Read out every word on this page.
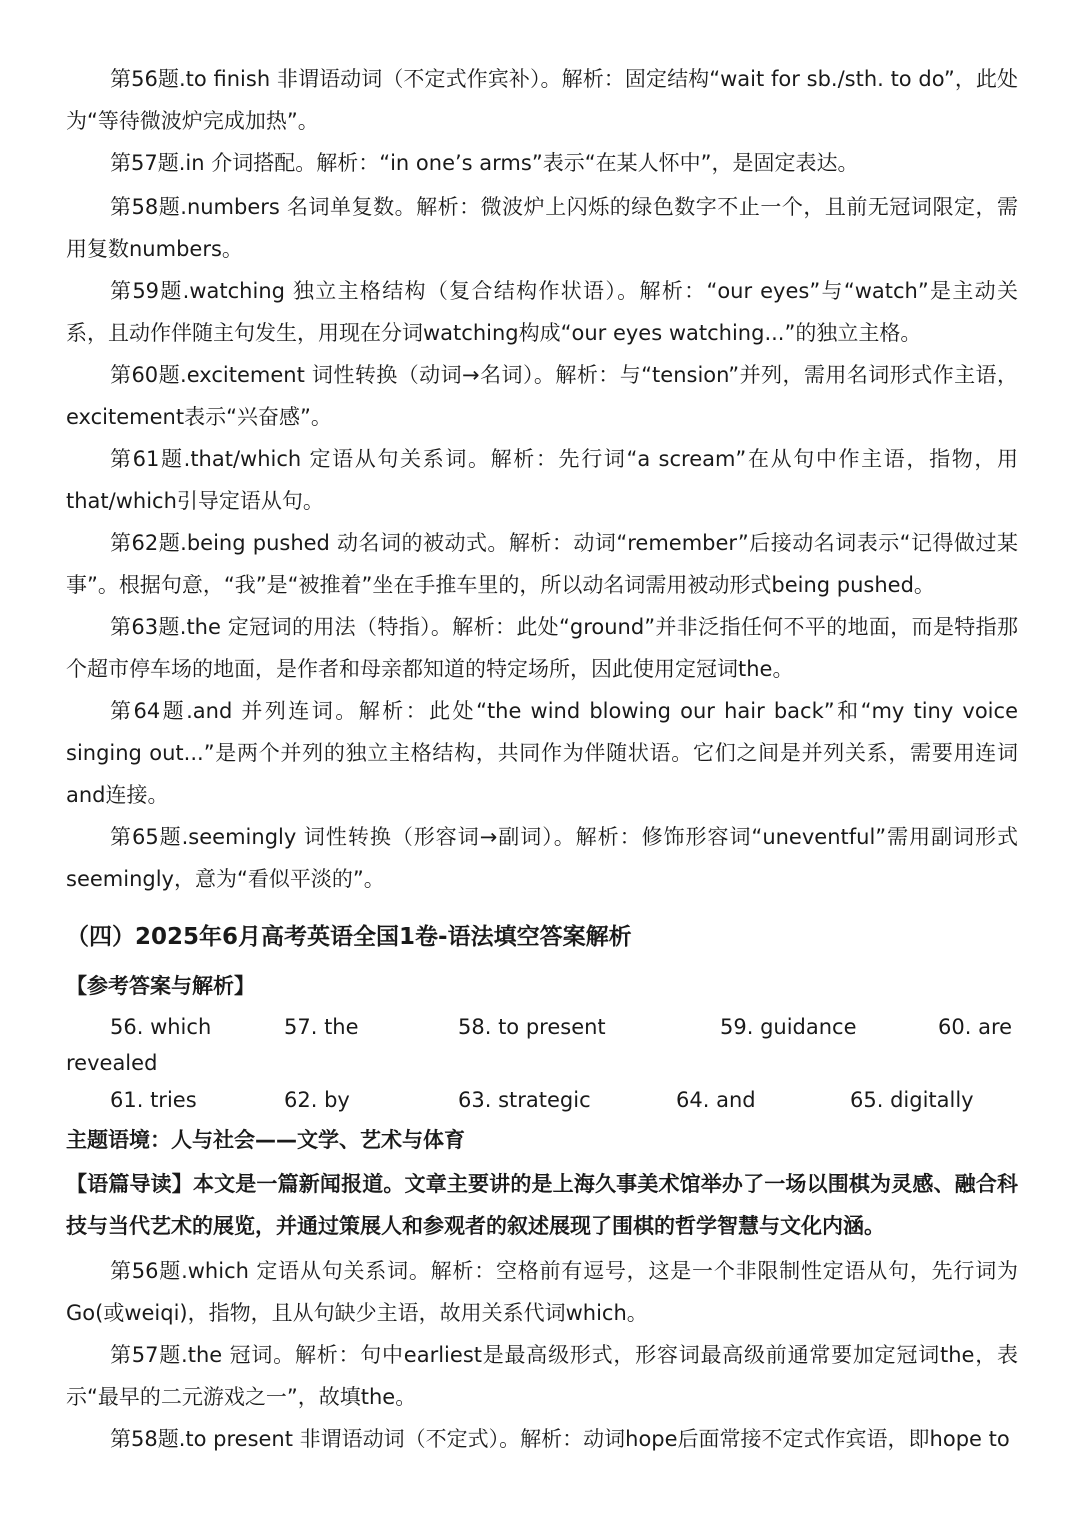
第56题.to finish 非谓语动词（不定式作宾补）。解析：固定结构“wait for sb./sth. to do”，此处为“等待微波炉完成加热”。

第57题.in 介词搭配。解析：“in one’s arms”表示“在某人怀中”，是固定表达。

第58题.numbers 名词单复数。解析：微波炉上闪烁的绿色数字不止一个，且前无冠词限定，需用复数numbers。

第59题.watching 独立主格结构（复合结构作状语）。解析：“our eyes”与“watch”是主动关系，且动作伴随主句发生，用现在分词watching构成“our eyes watching...”的独立主格。

第60题.excitement 词性转换（动词→名词）。解析：与“tension”并列，需用名词形式作主语，excitement表示“兴奋感”。

第61题.that/which 定语从句关系词。解析：先行词“a scream”在从句中作主语，指物，用that/which引导定语从句。

第62题.being pushed 动名词的被动式。解析：动词“remember”后接动名词表示“记得做过某事”。根据句意，“我”是“被推着”坐在手推车里的，所以动名词需用被动形式being pushed。

第63题.the 定冠词的用法（特指）。解析：此处“ground”并非泛指任何不平的地面，而是特指那个超市停车场的地面，是作者和母亲都知道的特定场所，因此使用定冠词the。

第64题.and 并列连词。解析：此处“the wind blowing our hair back”和“my tiny voice singing out...”是两个并列的独立主格结构，共同作为伴随状语。它们之间是并列关系，需要用连词and连接。

第65题.seemingly 词性转换（形容词→副词）。解析：修饰形容词“uneventful”需用副词形式seemingly，意为“看似平淡的”。

（四）2025年6月高考英语全国1卷-语法填空答案解析

【参考答案与解析】

56. which	57. the	58. to present	59. guidance	60. are
revealed
61. tries	62. by	63. strategic	64. and	65. digitally

主题语境：人与社会——文学、艺术与体育

【语篇导读】本文是一篇新闻报道。文章主要讲的是上海久事美术馆举办了一场以围棋为灵感、融合科技与当代艺术的展览，并通过策展人和参观者的叙述展现了围棋的哲学智慧与文化内涵。

第56题.which 定语从句关系词。解析：空格前有逗号，这是一个非限制性定语从句，先行词为Go(或weiqi)，指物，且从句缺少主语，故用关系代词which。

第57题.the 冠词。解析：句中earliest是最高级形式，形容词最高级前通常要加定冠词the，表示“最早的二元游戏之一”，故填the。

第58题.to present 非谓语动词（不定式）。解析：动词hope后面常接不定式作宾语，即hope to
